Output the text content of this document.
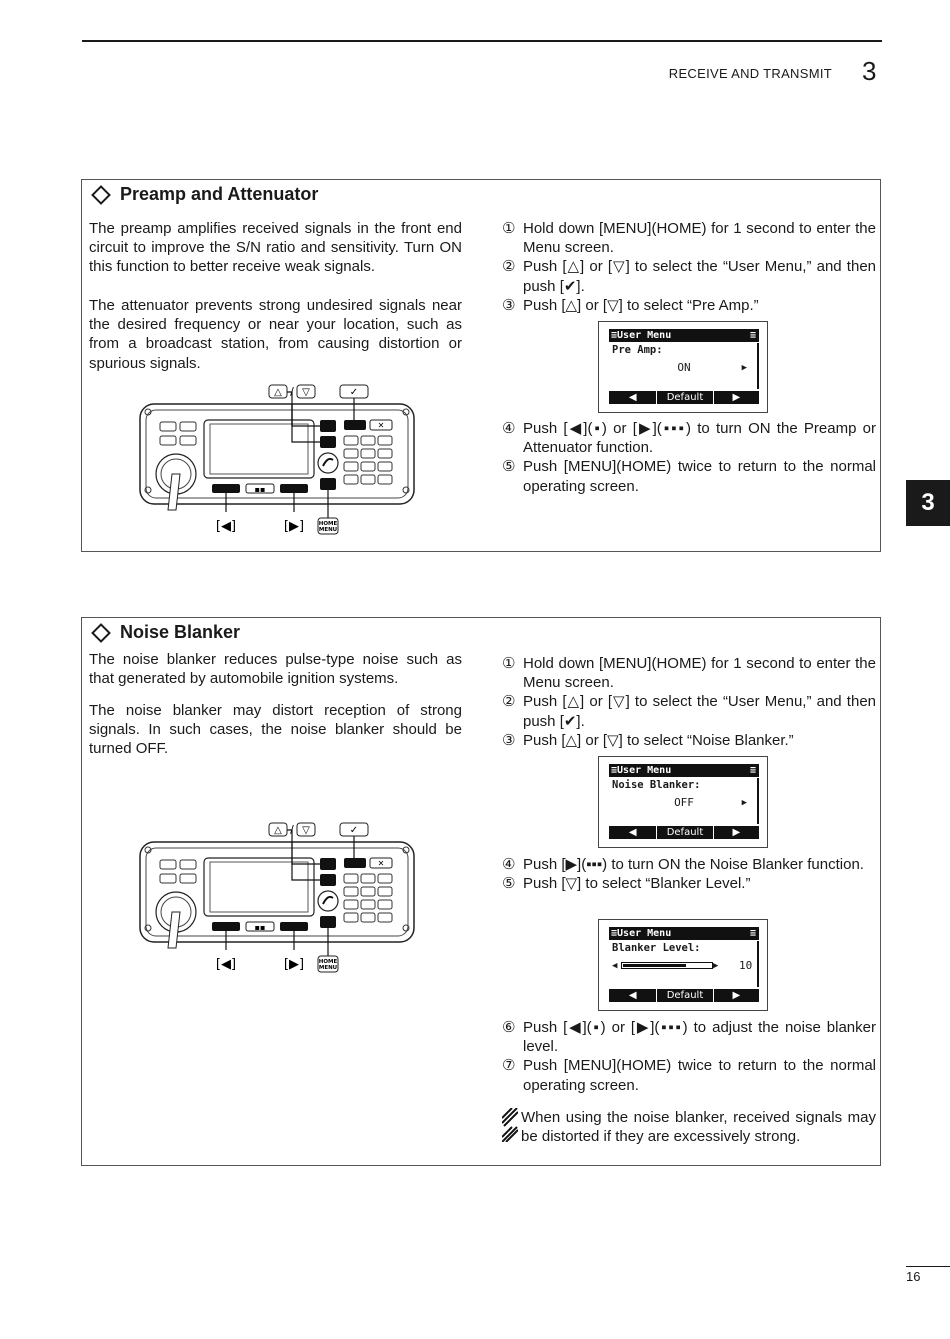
RECEIVE AND TRANSMIT 3
3
Preamp and Attenuator

The preamp amplifies received signals in the front end circuit to improve the S/N ratio and sensitivity. Turn ON this function to better receive weak signals.

The attenuator prevents strong undesired signals near the desired frequency or near your location, such as from a broadcast station, from causing distortion or spurious signals.

△ / ▽	✓
▪▪
✕
[◀]	[▶]	HOME
MENU
① Hold down [MENU](HOME) for 1 second to enter the Menu screen.
② Push [△] or [▽] to select the “User Menu,” and then push [✔].
③ Push [△] or [▽] to select “Pre Amp.”
≡User Menu	≡
Pre Amp:
ON	▶
◀	Default	▶
④ Push [◀](▪) or [▶](▪▪▪) to turn ON the Preamp or Attenuator function.
⑤ Push [MENU](HOME) twice to return to the normal operating screen.
Noise Blanker

The noise blanker reduces pulse-type noise such as that generated by automobile ignition systems.

The noise blanker may distort reception of strong signals. In such cases, the noise blanker should be turned OFF.

△ / ▽	✓
▪▪
✕
[◀]	[▶]	HOME
MENU
① Hold down [MENU](HOME) for 1 second to enter the Menu screen.
② Push [△] or [▽] to select the “User Menu,” and then push [✔].
③ Push [△] or [▽] to select “Noise Blanker.”
≡User Menu	≡
Noise Blanker:
OFF	▶
◀	Default	▶
④ Push [▶](▪▪▪) to turn ON the Noise Blanker function.
⑤ Push [▽] to select “Blanker Level.”
≡User Menu	≡
Blanker Level:
◀	▶ 10
◀	Default	▶
⑥ Push [◀](▪) or [▶](▪▪▪) to adjust the noise blanker level.
⑦ Push [MENU](HOME) twice to return to the normal operating screen.
When using the noise blanker, received signals may be distorted if they are excessively strong.
16
